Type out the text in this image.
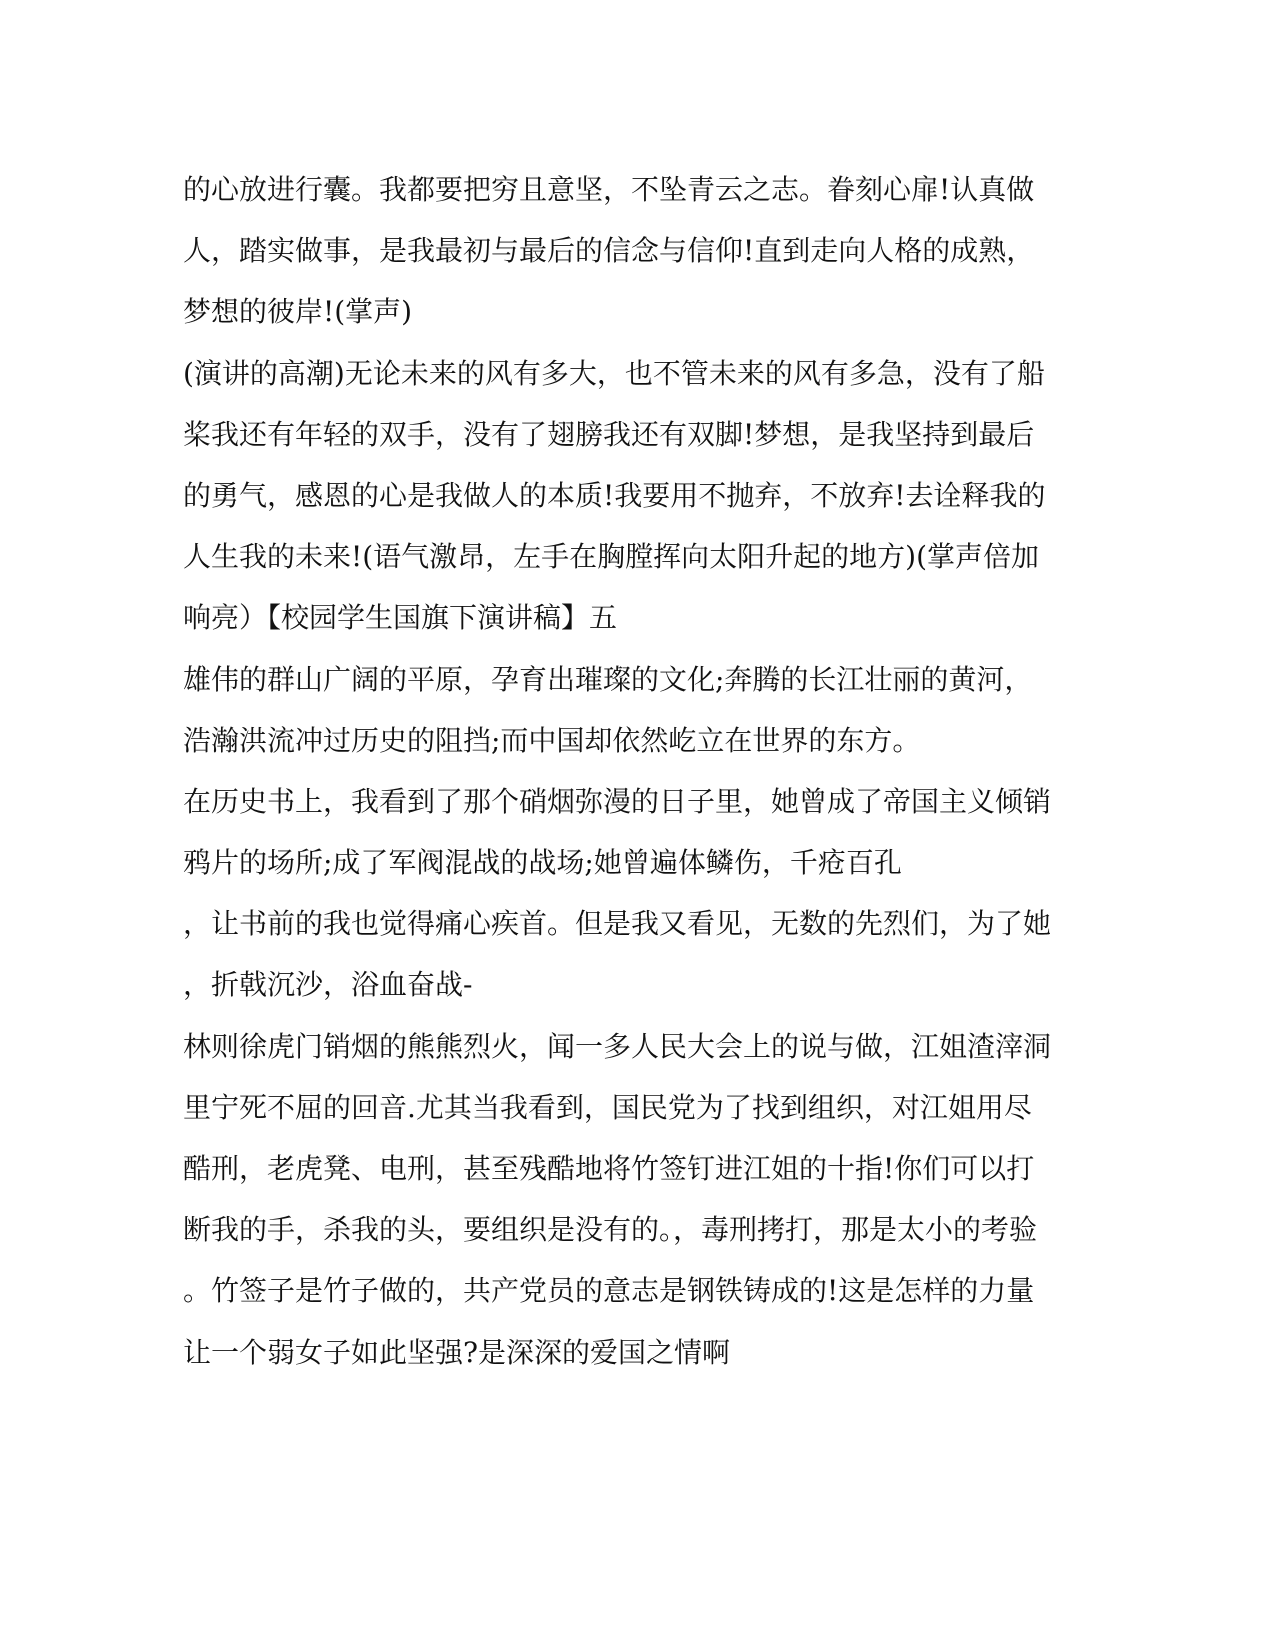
的心放进行囊。我都要把穷且意坚，不坠青云之志。眷刻心扉!认真做
人，踏实做事，是我最初与最后的信念与信仰!直到走向人格的成熟，
梦想的彼岸!(掌声)
(演讲的高潮)无论未来的风有多大，也不管未来的风有多急，没有了船
桨我还有年轻的双手，没有了翅膀我还有双脚!梦想，是我坚持到最后
的勇气，感恩的心是我做人的本质!我要用不抛弃，不放弃!去诠释我的
人生我的未来!(语气激昂，左手在胸膛挥向太阳升起的地方)(掌声倍加
响亮）【校园学生国旗下演讲稿】五
雄伟的群山广阔的平原，孕育出璀璨的文化;奔腾的长江壮丽的黄河，
浩瀚洪流冲过历史的阻挡;而中国却依然屹立在世界的东方。
在历史书上，我看到了那个硝烟弥漫的日子里，她曾成了帝国主义倾销
鸦片的场所;成了军阀混战的战场;她曾遍体鳞伤，千疮百孔
，让书前的我也觉得痛心疾首。但是我又看见，无数的先烈们，为了她
，折戟沉沙，浴血奋战-
林则徐虎门销烟的熊熊烈火，闻一多人民大会上的说与做，江姐渣滓洞
里宁死不屈的回音.尤其当我看到，国民党为了找到组织，对江姐用尽
酷刑，老虎凳、电刑，甚至残酷地将竹签钉进江姐的十指!你们可以打
断我的手，杀我的头，要组织是没有的。，毒刑拷打，那是太小的考验
。竹签子是竹子做的，共产党员的意志是钢铁铸成的!这是怎样的力量
让一个弱女子如此坚强?是深深的爱国之情啊
